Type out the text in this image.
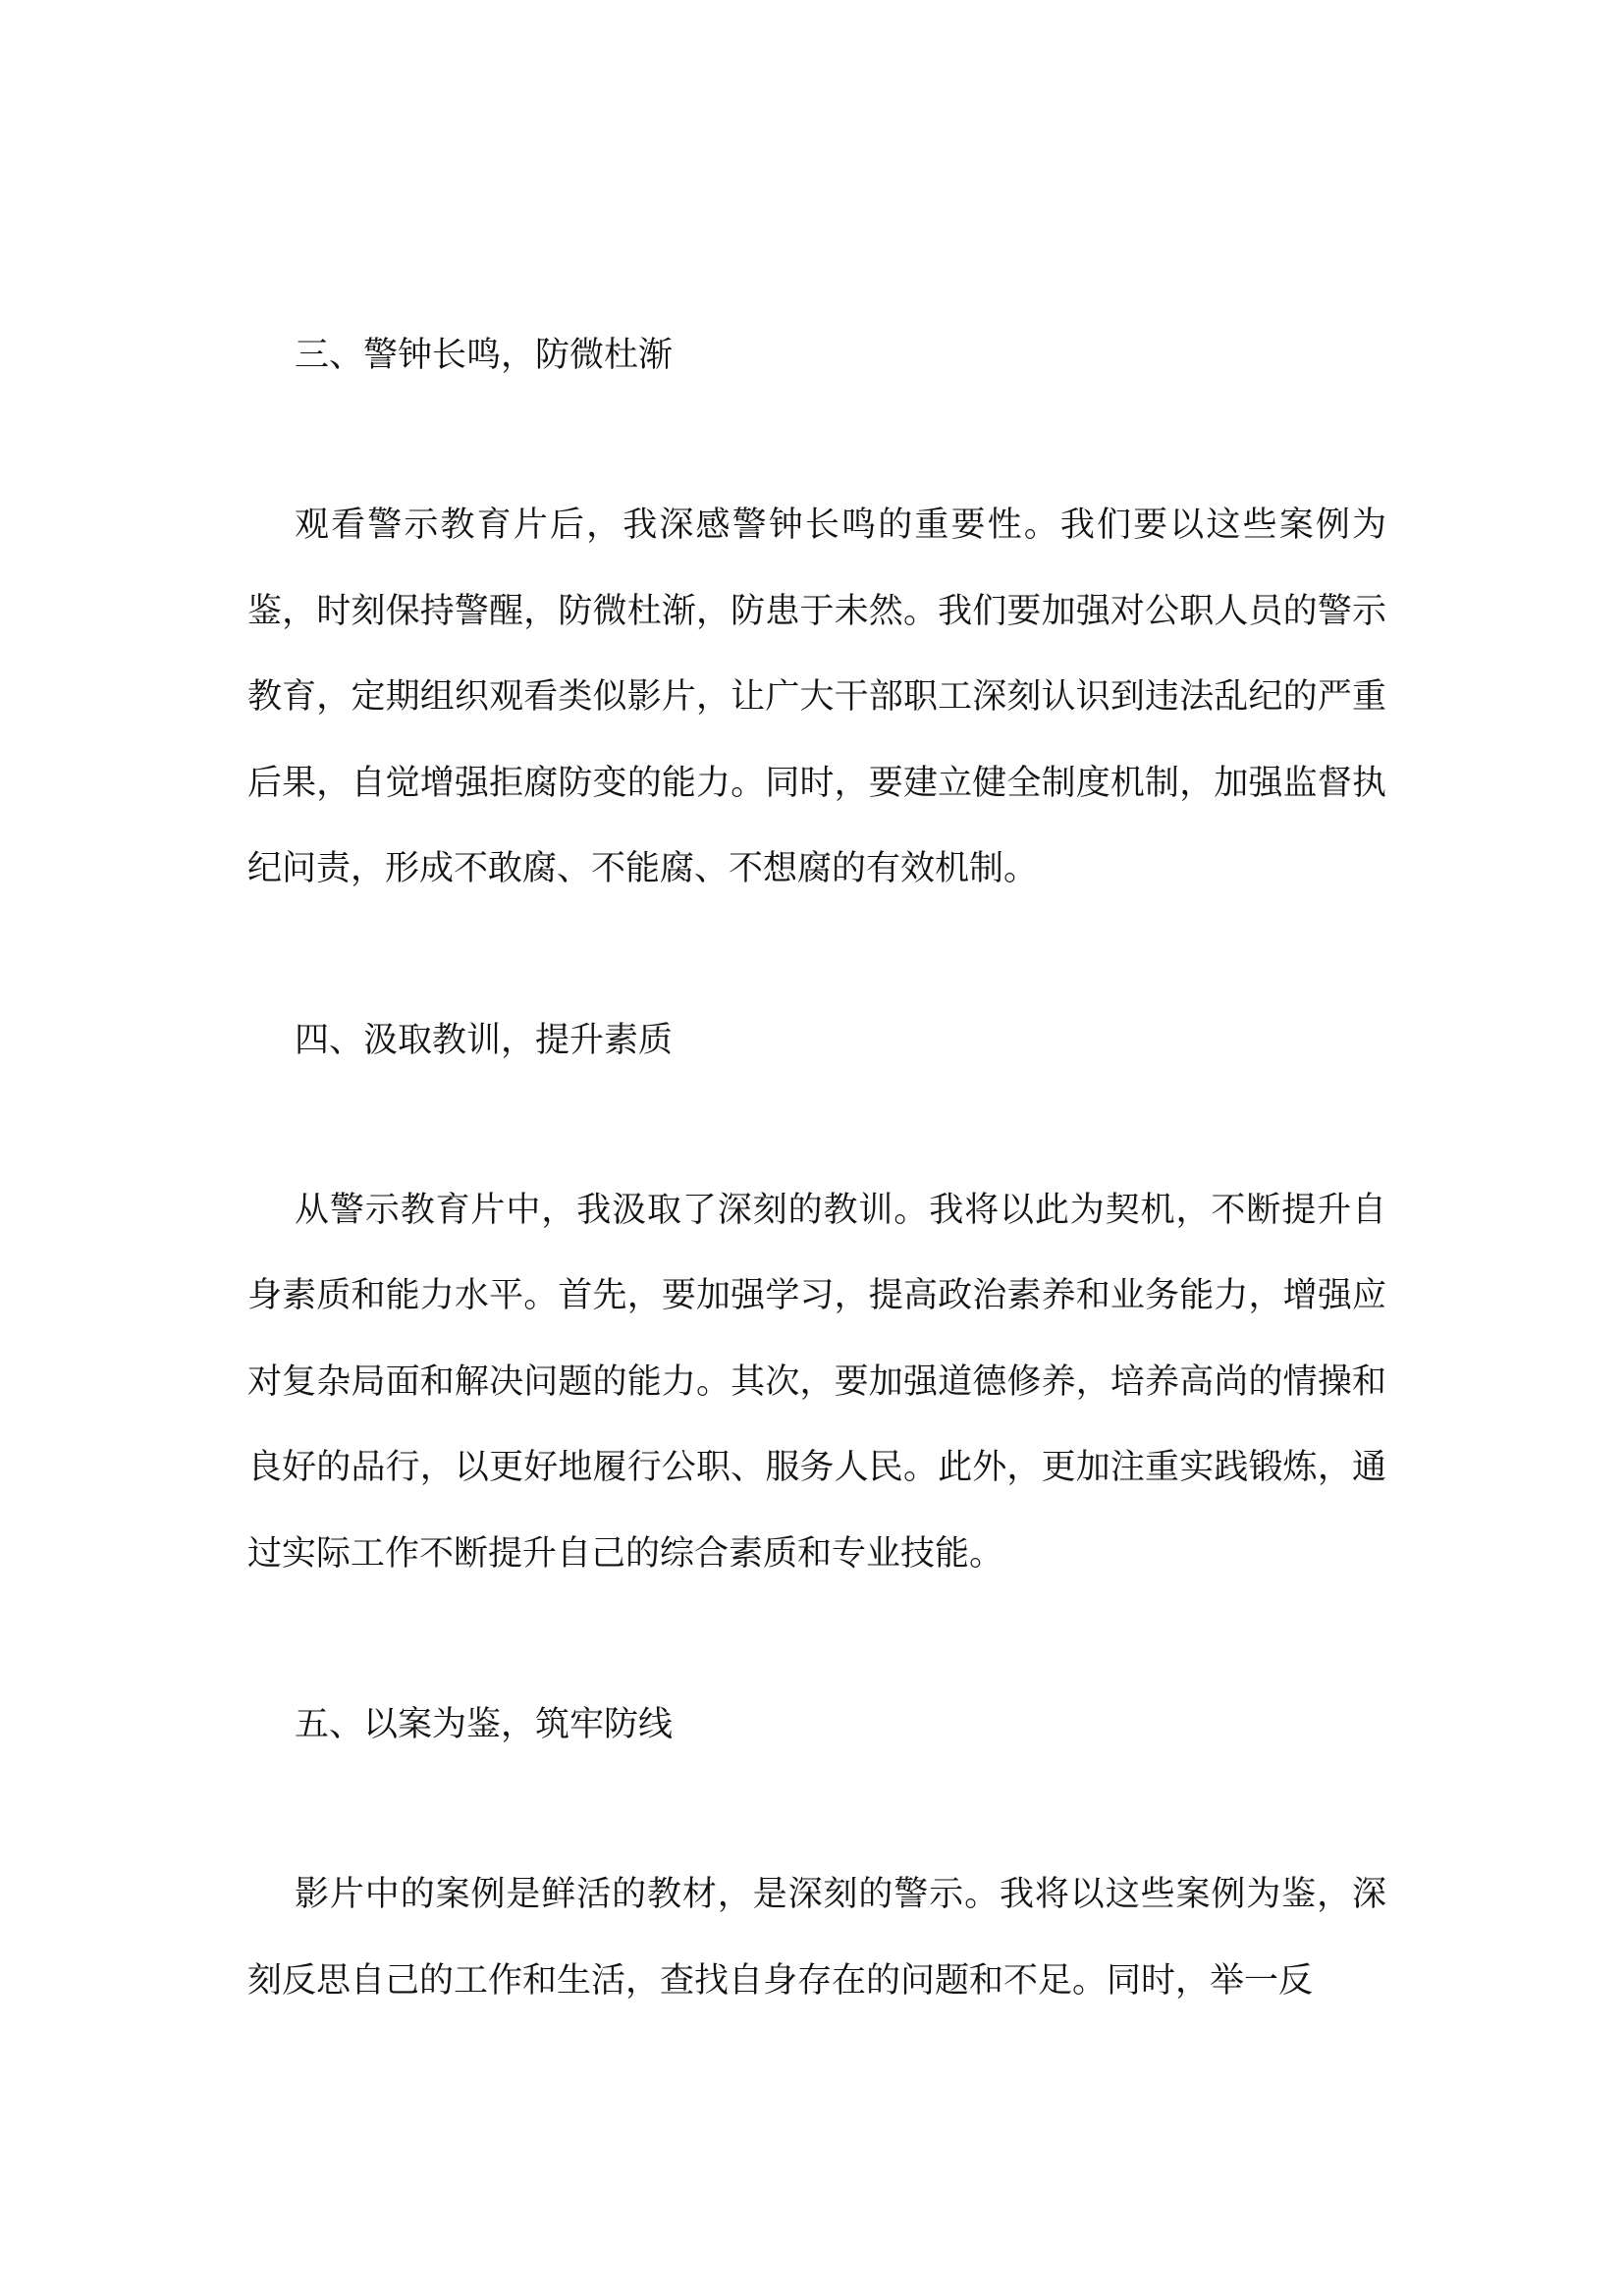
三、警钟长鸣，防微杜渐

观看警示教育片后，我深感警钟长鸣的重要性。我们要以这些案例为鉴，时刻保持警醒，防微杜渐，防患于未然。我们要加强对公职人员的警示教育，定期组织观看类似影片，让广大干部职工深刻认识到违法乱纪的严重后果，自觉增强拒腐防变的能力。同时，要建立健全制度机制，加强监督执纪问责，形成不敢腐、不能腐、不想腐的有效机制。

四、汲取教训，提升素质

从警示教育片中，我汲取了深刻的教训。我将以此为契机，不断提升自身素质和能力水平。首先，要加强学习，提高政治素养和业务能力，增强应对复杂局面和解决问题的能力。其次，要加强道德修养，培养高尚的情操和良好的品行，以更好地履行公职、服务人民。此外，更加注重实践锻炼，通过实际工作不断提升自己的综合素质和专业技能。

五、以案为鉴，筑牢防线

影片中的案例是鲜活的教材，是深刻的警示。我将以这些案例为鉴，深刻反思自己的工作和生活，查找自身存在的问题和不足。同时，举一反
